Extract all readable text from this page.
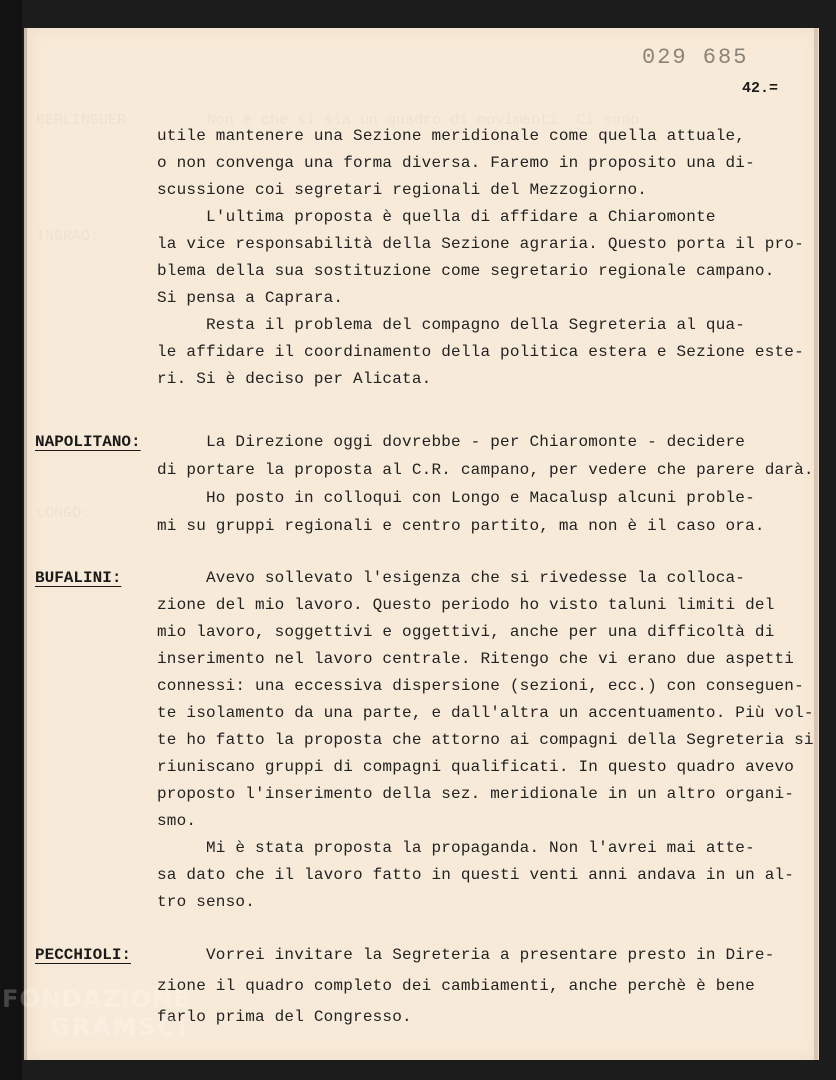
BERLINGUER:        Non è che si sia un quadro di movimenti. Ci sono
INGRAO:
LONGO:
029 685
42.=
utile mantenere una Sezione meridionale come quella attuale,
o non convenga una forma diversa. Faremo in proposito una di-
scussione coi segretari regionali del Mezzogiorno.
L'ultima proposta è quella di affidare a Chiaromonte
la vice responsabilità della Sezione agraria. Questo porta il pro-
blema della sua sostituzione come segretario regionale campano.
Si pensa a Caprara.
Resta il problema del compagno della Segreteria al qua-
le affidare il coordinamento della politica estera e Sezione este-
ri. Si è deciso per Alicata.
NAPOLITANO: La Direzione oggi dovrebbe - per Chiaromonte - decidere
di portare la proposta al C.R. campano, per vedere che parere darà.
Ho posto in colloqui con Longo e Macalusp alcuni proble-
mi su gruppi regionali e centro partito, ma non è il caso ora.
BUFALINI: Avevo sollevato l'esigenza che si rivedesse la colloca-
zione del mio lavoro. Questo periodo ho visto taluni limiti del
mio lavoro, soggettivi e oggettivi, anche per una difficoltà di
inserimento nel lavoro centrale. Ritengo che vi erano due aspetti
connessi: una eccessiva dispersione (sezioni, ecc.) con conseguen-
te isolamento da una parte, e dall'altra un accentuamento. Più vol-
te ho fatto la proposta che attorno ai compagni della Segreteria si
riuniscano gruppi di compagni qualificati. In questo quadro avevo
proposto l'inserimento della sez. meridionale in un altro organi-
smo.
Mi è stata proposta la propaganda. Non l'avrei mai atte-
sa dato che il lavoro fatto in questi venti anni andava in un al-
tro senso.
PECCHIOLI: Vorrei invitare la Segreteria a presentare presto in Dire-
zione il quadro completo dei cambiamenti, anche perchè è bene
farlo prima del Congresso.
FONDAZIONE
GRAMSCI
